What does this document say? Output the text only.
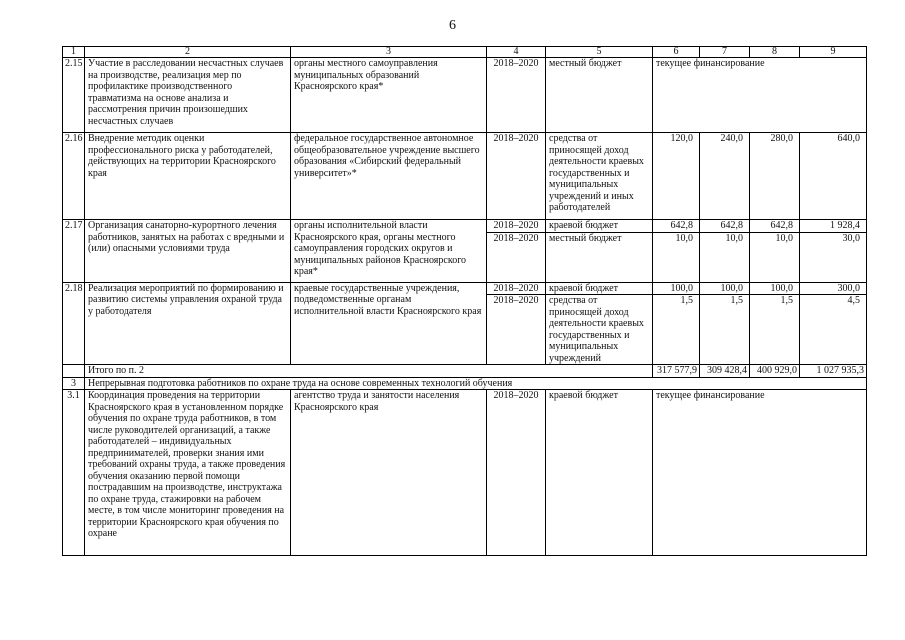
6
1	2	3	4	5	6	7	8	9
2.15	Участие в расследовании несчастных случаев на производстве, реализация мер по профилактике производственного травматизма на основе анализа и рассмотрения причин произошедших несчастных случаев	органы местного самоуправления муниципальных образований Красноярского края*	2018–2020	местный бюджет	текущее финансирование			
2.16	Внедрение методик оценки профессионального риска у работодателей, действующих на территории Красноярского края	федеральное государственное автономное общеобразовательное учреждение высшего образования «Сибирский федеральный университет»*	2018–2020	средства от приносящей доход деятельности краевых государственных и муниципальных учреждений и иных работодателей	120,0	240,0	280,0	640,0
2.17	Организация санаторно-курортного лечения работников, занятых на работах с вредными и (или) опасными условиями труда	органы исполнительной власти Красноярского края, органы местного самоуправления городских округов и муниципальных районов Красноярского края*	2018–2020	краевой бюджет	642,8	642,8	642,8	1 928,4
			2018–2020	местный бюджет	10,0	10,0	10,0	30,0
2.18	Реализация мероприятий по формированию и развитию системы управления охраной труда у работодателя	краевые государственные учреждения, подведомственные органам исполнительной власти Красноярского края	2018–2020	краевой бюджет	100,0	100,0	100,0	300,0
			2018–2020	средства от приносящей доход деятельности краевых государственных и муниципальных учреждений	1,5	1,5	1,5	4,5
	Итого по п. 2				317 577,9	309 428,4	400 929,0	1 027 935,3
3	Непрерывная подготовка работников по охране труда на основе современных технологий обучения							
3.1	Координация проведения на территории Красноярского края в установленном порядке обучения по охране труда работников, в том числе руководителей организаций, а также работодателей – индивидуальных предпринимателей, проверки знания ими требований охраны труда, а также проведения обучения оказанию первой помощи пострадавшим на производстве, инструктажа по охране труда, стажировки на рабочем месте, в том числе мониторинг проведения на территории Красноярского края обучения по охране	агентство труда и занятости населения Красноярского края	2018–2020	краевой бюджет	текущее финансирование			
